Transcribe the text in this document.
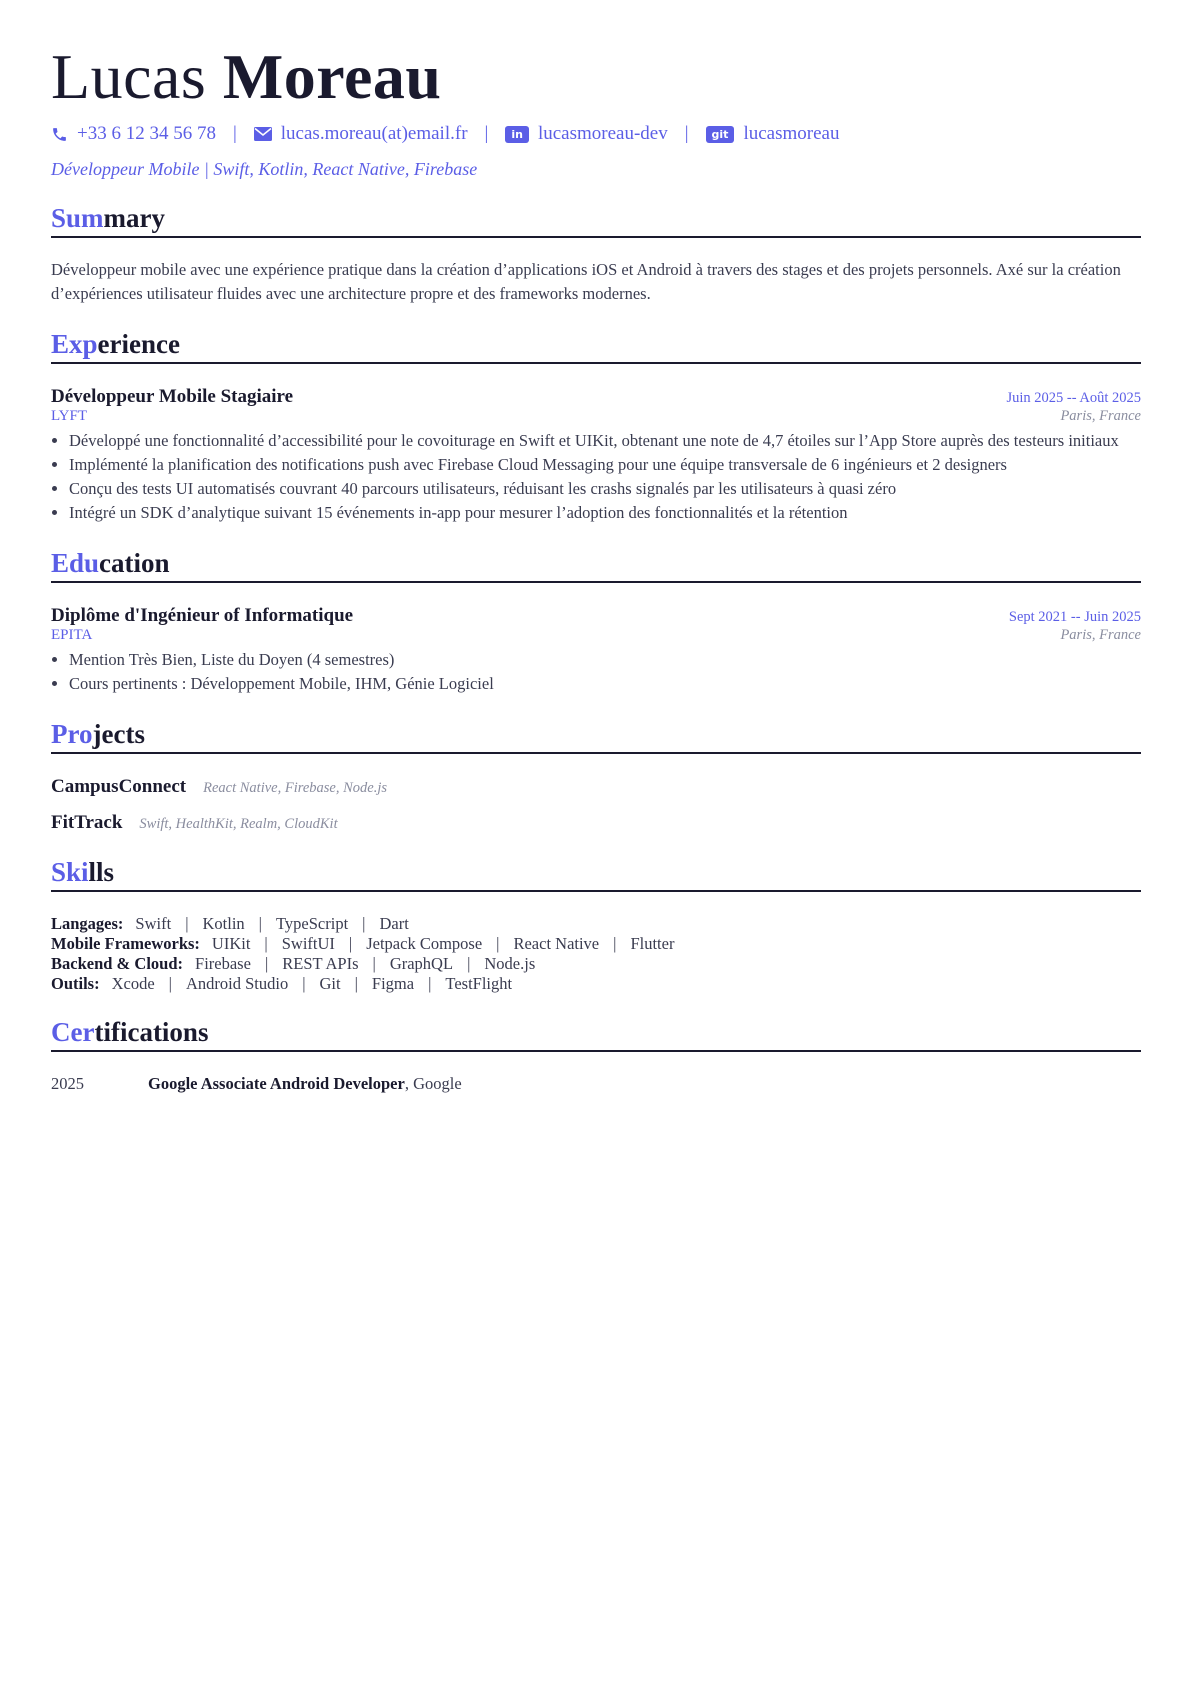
Lucas Moreau
+33 6 12 34 56 78 | lucas.moreau(at)email.fr |	in lucasmoreau-dev |	git lucasmoreau
Développeur Mobile | Swift, Kotlin, React Native, Firebase
Summary
Développeur mobile avec une expérience pratique dans la création d’applications iOS et Android à travers des stages et des projets personnels. Axé sur la création d’expériences utilisateur fluides avec une architecture propre et des frameworks modernes.
Experience
Développeur Mobile Stagiaire	Juin 2025 -- Août 2025
LYFT	Paris, France
• Développé une fonctionnalité d’accessibilité pour le covoiturage en Swift et UIKit, obtenant une note de 4,7 étoiles sur l’App Store auprès des testeurs initiaux
• Implémenté la planification des notifications push avec Firebase Cloud Messaging pour une équipe transversale de 6 ingénieurs et 2 designers
• Conçu des tests UI automatisés couvrant 40 parcours utilisateurs, réduisant les crashs signalés par les utilisateurs à quasi zéro
• Intégré un SDK d’analytique suivant 15 événements in-app pour mesurer l’adoption des fonctionnalités et la rétention
Education
Diplôme d'Ingénieur of Informatique	Sept 2021 -- Juin 2025
EPITA	Paris, France
• Mention Très Bien, Liste du Doyen (4 semestres)
• Cours pertinents : Développement Mobile, IHM, Génie Logiciel
Projects
CampusConnect React Native, Firebase, Node.js
FitTrack Swift, HealthKit, Realm, CloudKit
Skills
Langages: Swift | Kotlin | TypeScript | Dart
Mobile Frameworks: UIKit | SwiftUI | Jetpack Compose | React Native | Flutter
Backend & Cloud: Firebase | REST APIs | GraphQL | Node.js
Outils: Xcode | Android Studio | Git | Figma | TestFlight
Certifications
2025	Google Associate Android Developer, Google
